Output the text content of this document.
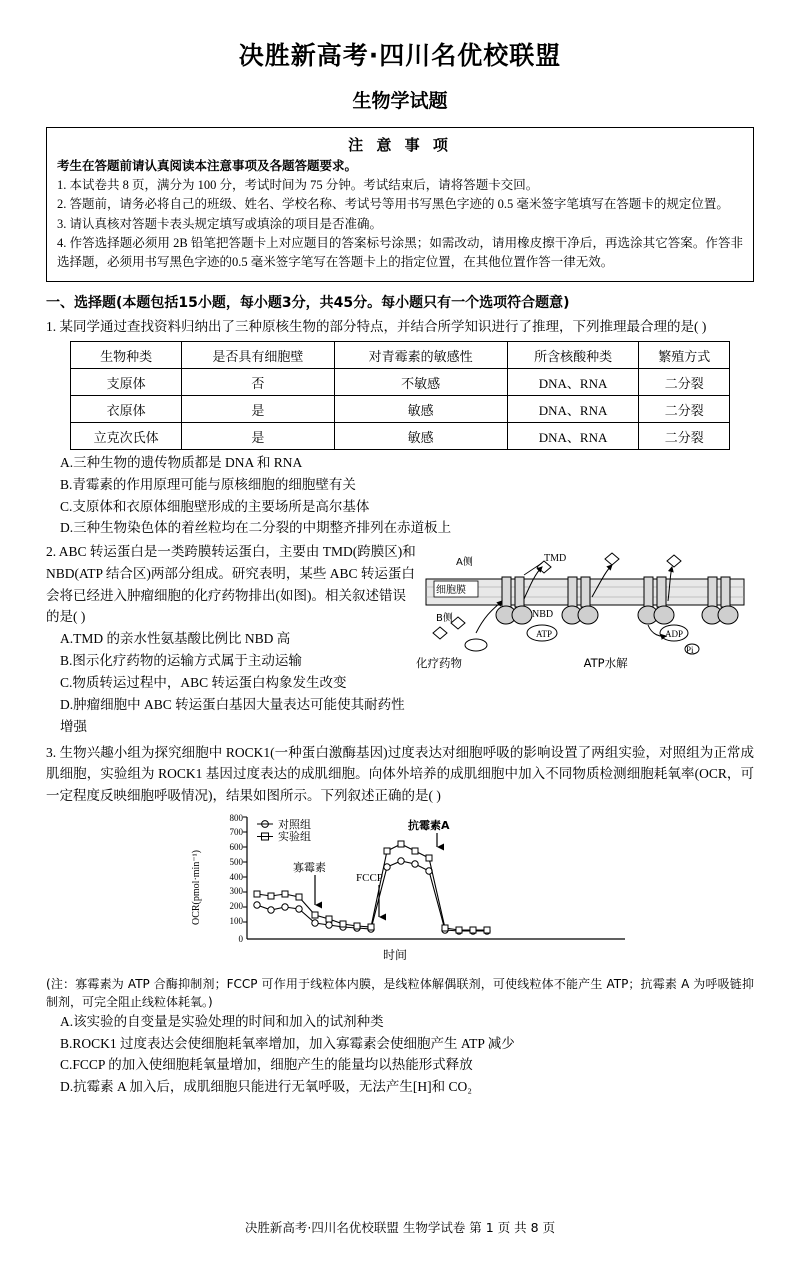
决胜新高考·四川名优校联盟
生物学试题
注 意 事 项
考生在答题前请认真阅读本注意事项及各题答题要求。
1. 本试卷共 8 页，满分为 100 分，考试时间为 75 分钟。考试结束后，请将答题卡交回。
2. 答题前，请务必将自己的班级、姓名、学校名称、考试号等用书写黑色字迹的 0.5 毫米签字笔填写在答题卡的规定位置。
3. 请认真核对答题卡表头规定填写或填涂的项目是否准确。
4. 作答选择题必须用 2B 铅笔把答题卡上对应题目的答案标号涂黑；如需改动，请用橡皮擦干净后，再选涂其它答案。作答非选择题，必须用书写黑色字迹的0.5 毫米签字笔写在答题卡上的指定位置，在其他位置作答一律无效。
一、选择题(本题包括15小题，每小题3分，共45分。每小题只有一个选项符合题意)
1. 某同学通过查找资料归纳出了三种原核生物的部分特点，并结合所学知识进行了推理，下列推理最合理的是( )
生物种类	是否具有细胞壁	对青霉素的敏感性	所含核酸种类	繁殖方式
支原体	否	不敏感	DNA、RNA	二分裂
衣原体	是	敏感	DNA、RNA	二分裂
立克次氏体	是	敏感	DNA、RNA	二分裂
A.三种生物的遗传物质都是 DNA 和 RNA
B.青霉素的作用原理可能与原核细胞的细胞壁有关
C.支原体和衣原体细胞壁形成的主要场所是高尔基体
D.三种生物染色体的着丝粒均在二分裂的中期整齐排列在赤道板上
2. ABC 转运蛋白是一类跨膜转运蛋白，主要由 TMD(跨膜区)和 NBD(ATP 结合区)两部分组成。研究表明，某些 ABC 转运蛋白会将已经进入肿瘤细胞的化疗药物排出(如图)。相关叙述错误的是( )
A.TMD 的亲水性氨基酸比例比 NBD 高
B.图示化疗药物的运输方式属于主动运输
C.物质转运过程中，ABC 转运蛋白构象发生改变
D.肿瘤细胞中 ABC 转运蛋白基因大量表达可能使其耐药性增强
ATP	ADP
Pi
TMD
A侧
B侧
细胞膜
NBD
化疗药物	ATP水解
3. 生物兴趣小组为探究细胞中 ROCK1(一种蛋白激酶基因)过度表达对细胞呼吸的影响设置了两组实验，对照组为正常成肌细胞，实验组为 ROCK1 基因过度表达的成肌细胞。向体外培养的成肌细胞中加入不同物质检测细胞耗氧率(OCR，可一定程度反映细胞呼吸情况)，结果如图所示。下列叙述正确的是( )
800
700
600
500
400
300
200
100
0
OCR(pmol·min⁻¹)
对照组
实验组
寡霉素
FCCP
抗霉素A
时间
(注：寡霉素为 ATP 合酶抑制剂；FCCP 可作用于线粒体内膜，是线粒体解偶联剂，可使线粒体不能产生 ATP；抗霉素 A 为呼吸链抑制剂，可完全阻止线粒体耗氧。)
A.该实验的自变量是实验处理的时间和加入的试剂种类
B.ROCK1 过度表达会使细胞耗氧率增加，加入寡霉素会使细胞产生 ATP 减少
C.FCCP 的加入使细胞耗氧量增加，细胞产生的能量均以热能形式释放
D.抗霉素 A 加入后，成肌细胞只能进行无氧呼吸，无法产生[H]和 CO₂
决胜新高考·四川名优校联盟 生物学试卷 第 1 页 共 8 页
